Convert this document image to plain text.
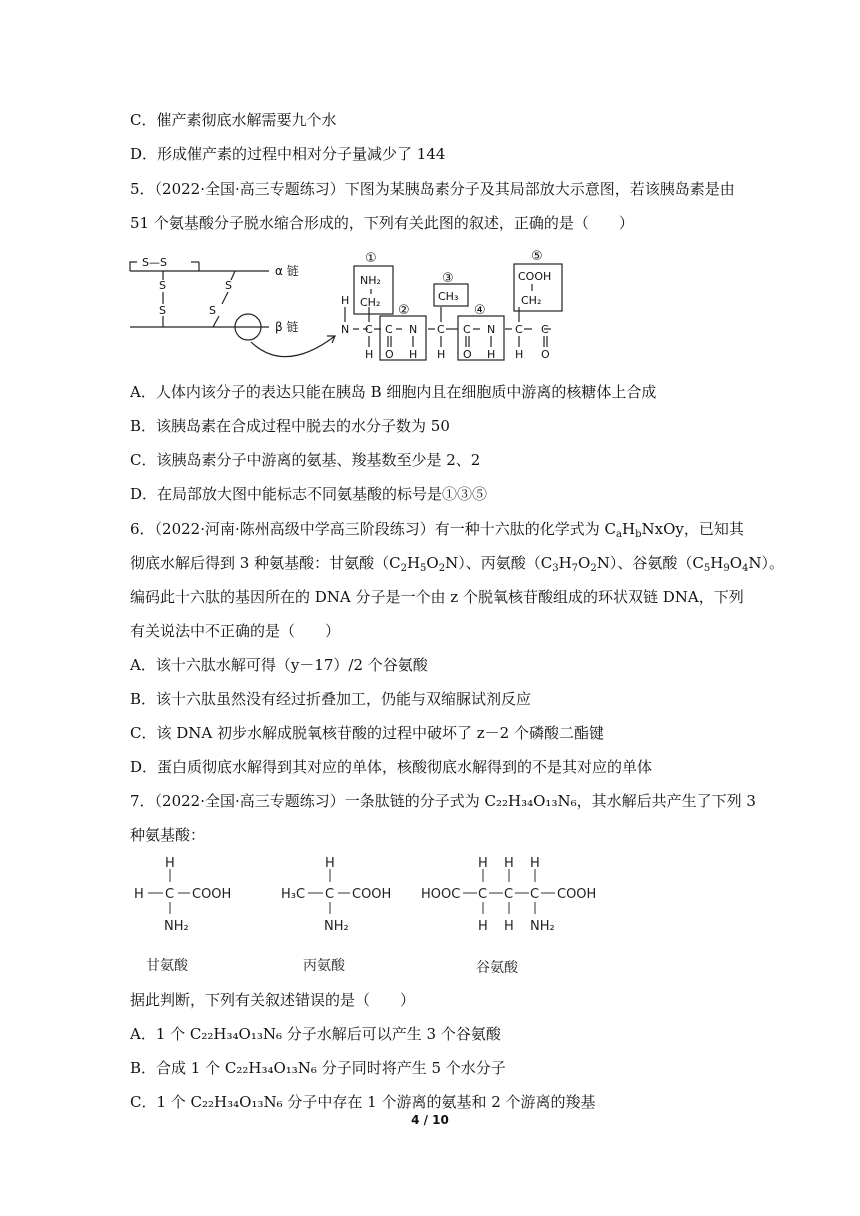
C．催产素彻底水解需要九个水
D．形成催产素的过程中相对分子量减少了 144
5．（2022·全国·高三专题练习）下图为某胰岛素分子及其局部放大示意图，若该胰岛素是由
51 个氨基酸分子脱水缩合形成的，下列有关此图的叙述，正确的是（　　）
S—S
S
S
S
S
α 链
β 链
①
②
③
④
⑤
NH₂
CH₂	CH₃
COOH
CH₂
H
N C
H
C N
O H
C
H
C N
O H
C
H
C
O
A．人体内该分子的表达只能在胰岛 B 细胞内且在细胞质中游离的核糖体上合成
B．该胰岛素在合成过程中脱去的水分子数为 50
C．该胰岛素分子中游离的氨基、羧基数至少是 2、2
D．在局部放大图中能标志不同氨基酸的标号是①③⑤
6．（2022·河南·陈州高级中学高三阶段练习）有一种十六肽的化学式为 $C_aH_bNxOy$，已知其
彻底水解后得到 3 种氨基酸：甘氨酸$(C_2H_5O_2N)$、丙氨酸$(C_3H_7O_2N)$、谷氨酸$(C_5H_9O_4N)$。
编码此十六肽的基因所在的 DNA 分子是一个由 z 个脱氧核苷酸组成的环状双链 DNA，下列
有关说法中不正确的是（　　）
A．该十六肽水解可得（y－17）/2 个谷氨酸
B．该十六肽虽然没有经过折叠加工，仍能与双缩脲试剂反应
C．该 DNA 初步水解成脱氧核苷酸的过程中破坏了 z－2 个磷酸二酯键
D．蛋白质彻底水解得到其对应的单体，核酸彻底水解得到的不是其对应的单体
7．（2022·全国·高三专题练习）一条肽链的分子式为 C₂₂H₃₄O₁₃N₆，其水解后共产生了下列 3
种氨基酸：
H
H C COOH
NH₂
H
H₃C C COOH
NH₂
H H H
HOOC C C C COOH
H H NH₂
甘氨酸	丙氨酸	谷氨酸
据此判断，下列有关叙述错误的是（　　）
A．1 个 C₂₂H₃₄O₁₃N₆ 分子水解后可以产生 3 个谷氨酸
B．合成 1 个 C₂₂H₃₄O₁₃N₆ 分子同时将产生 5 个水分子
C．1 个 C₂₂H₃₄O₁₃N₆ 分子中存在 1 个游离的氨基和 2 个游离的羧基
4 / 10
